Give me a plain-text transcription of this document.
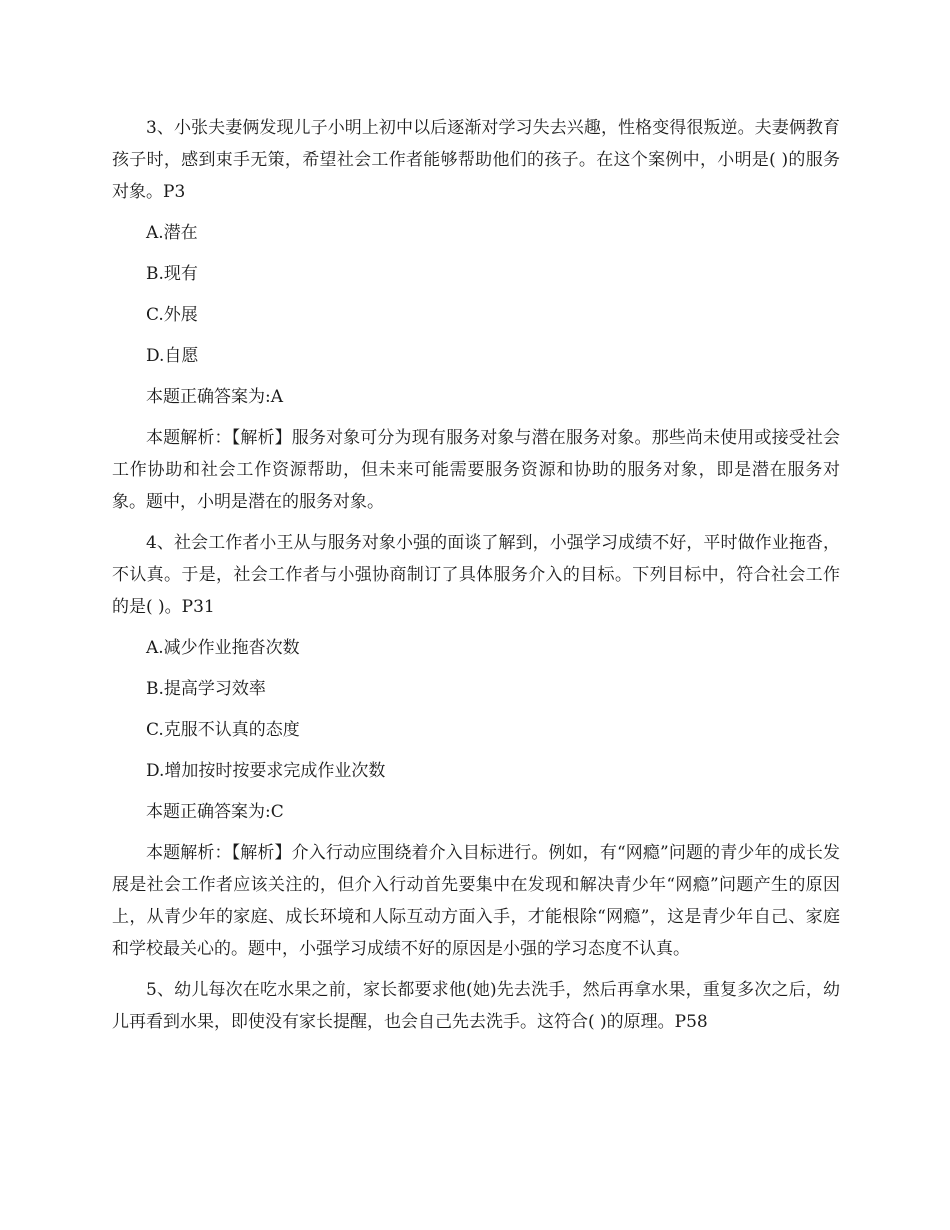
3、小张夫妻俩发现儿子小明上初中以后逐渐对学习失去兴趣，性格变得很叛逆。夫妻俩教育孩子时，感到束手无策，希望社会工作者能够帮助他们的孩子。在这个案例中，小明是( )的服务对象。P3

A.潜在

B.现有

C.外展

D.自愿

本题正确答案为:A

本题解析：【解析】服务对象可分为现有服务对象与潜在服务对象。那些尚未使用或接受社会工作协助和社会工作资源帮助，但未来可能需要服务资源和协助的服务对象，即是潜在服务对象。题中，小明是潜在的服务对象。

4、社会工作者小王从与服务对象小强的面谈了解到，小强学习成绩不好，平时做作业拖沓，不认真。于是，社会工作者与小强协商制订了具体服务介入的目标。下列目标中，符合社会工作的是( )。P31

A.减少作业拖沓次数

B.提高学习效率

C.克服不认真的态度

D.增加按时按要求完成作业次数

本题正确答案为:C

本题解析：【解析】介入行动应围绕着介入目标进行。例如，有“网瘾”问题的青少年的成长发展是社会工作者应该关注的，但介入行动首先要集中在发现和解决青少年“网瘾”问题产生的原因上，从青少年的家庭、成长环境和人际互动方面入手，才能根除“网瘾”，这是青少年自己、家庭和学校最关心的。题中，小强学习成绩不好的原因是小强的学习态度不认真。

5、幼儿每次在吃水果之前，家长都要求他(她)先去洗手，然后再拿水果，重复多次之后，幼儿再看到水果，即使没有家长提醒，也会自己先去洗手。这符合( )的原理。P58
